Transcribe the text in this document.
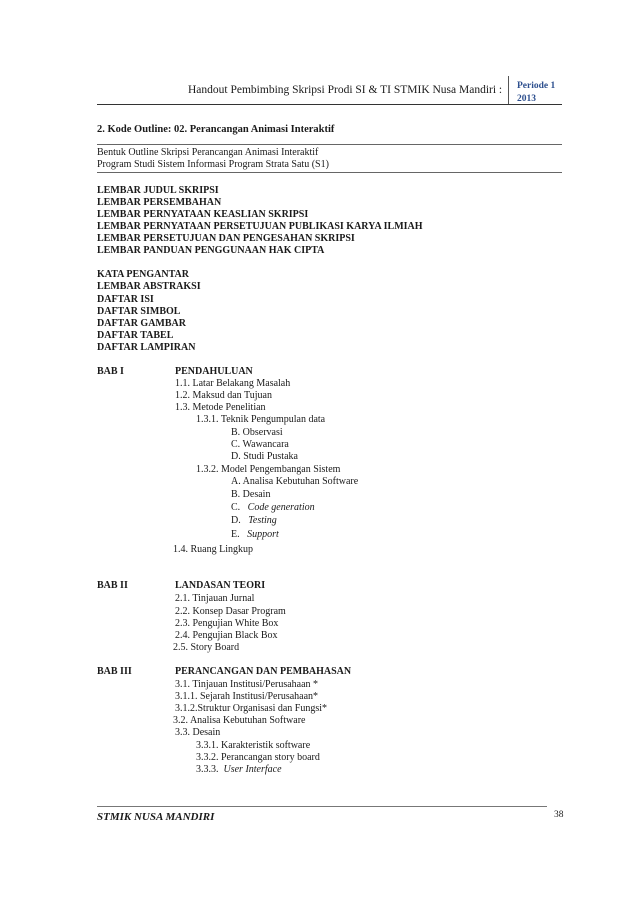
Handout Pembimbing Skripsi Prodi SI & TI STMIK Nusa Mandiri : Periode 1
2013
2. Kode Outline: 02. Perancangan Animasi Interaktif
Bentuk Outline Skripsi Perancangan Animasi Interaktif
Program Studi Sistem Informasi Program Strata Satu (S1)
LEMBAR JUDUL SKRIPSI
LEMBAR PERSEMBAHAN
LEMBAR PERNYATAAN KEASLIAN SKRIPSI
LEMBAR PERNYATAAN PERSETUJUAN PUBLIKASI KARYA ILMIAH
LEMBAR PERSETUJUAN DAN PENGESAHAN SKRIPSI
LEMBAR PANDUAN PENGGUNAAN HAK CIPTA
KATA PENGANTAR
LEMBAR ABSTRAKSI
DAFTAR ISI
DAFTAR SIMBOL
DAFTAR GAMBAR
DAFTAR TABEL
DAFTAR LAMPIRAN
BAB I	PENDAHULUAN
1.1. Latar Belakang Masalah
1.2. Maksud dan Tujuan
1.3. Metode Penelitian
1.3.1. Teknik Pengumpulan data
B. Observasi
C. Wawancara
D. Studi Pustaka
1.3.2. Model Pengembangan Sistem
A. Analisa Kebutuhan Software
B. Desain
C. Code generation
D. Testing
E. Support
1.4. Ruang Lingkup
BAB II	LANDASAN TEORI
2.1. Tinjauan Jurnal
2.2. Konsep Dasar Program
2.3. Pengujian White Box
2.4. Pengujian Black Box
2.5. Story Board
BAB III	PERANCANGAN DAN PEMBAHASAN
3.1. Tinjauan Institusi/Perusahaan *
3.1.1. Sejarah Institusi/Perusahaan*
3.1.2.Struktur Organisasi dan Fungsi*
3.2. Analisa Kebutuhan Software
3.3. Desain
3.3.1. Karakteristik software
3.3.2. Perancangan story board
3.3.3. User Interface
STMIK NUSA MANDIRI	38
